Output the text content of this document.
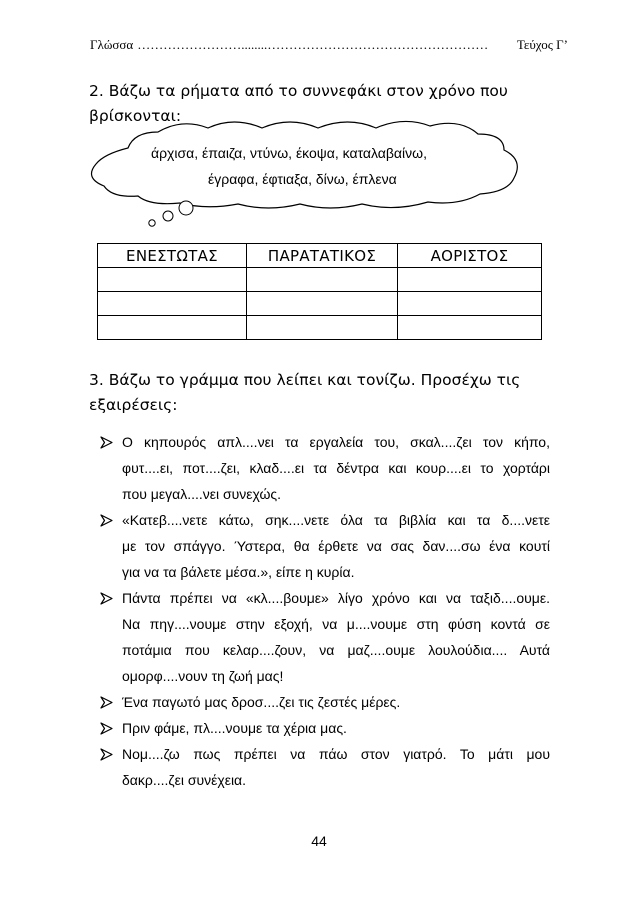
Γλώσσα ……………………........……………………………………………	Τεύχος Γ’
2. Βάζω τα ρήματα από το συννεφάκι στον χρόνο που
βρίσκονται:
άρχισα, έπαιζα, ντύνω, έκοψα, καταλαβαίνω,
έγραφα, έφτιαξα, δίνω, έπλενα
ΕΝΕΣΤΩΤΑΣ	ΠΑΡΑΤΑΤΙΚΟΣ	ΑΟΡΙΣΤΟΣ

3. Βάζω το γράμμα που λείπει και τονίζω. Προσέχω τις
εξαιρέσεις:
Ο κηπουρός απλ....νει τα εργαλεία του, σκαλ....ζει τον κήπο,
φυτ....ει, ποτ....ζει, κλαδ....ει τα δέντρα και κουρ....ει το χορτάρι
που μεγαλ....νει συνεχώς.
«Κατεβ....νετε κάτω, σηκ....νετε όλα τα βιβλία και τα δ....νετε
με τον σπάγγο. Ύστερα, θα έρθετε να σας δαν....σω ένα κουτί
για να τα βάλετε μέσα.», είπε η κυρία.
Πάντα πρέπει να «κλ....βουμε» λίγο χρόνο και να ταξιδ....ουμε.
Να πηγ....νουμε στην εξοχή, να μ....νουμε στη φύση κοντά σε
ποτάμια που κελαρ....ζουν, να μαζ....ουμε λουλούδια.... Αυτά
ομορφ....νουν τη ζωή μας!
Ένα παγωτό μας δροσ....ζει τις ζεστές μέρες.
Πριν φάμε, πλ....νουμε τα χέρια μας.
Νομ....ζω πως πρέπει να πάω στον γιατρό. Το μάτι μου
δακρ....ζει συνέχεια.
44
